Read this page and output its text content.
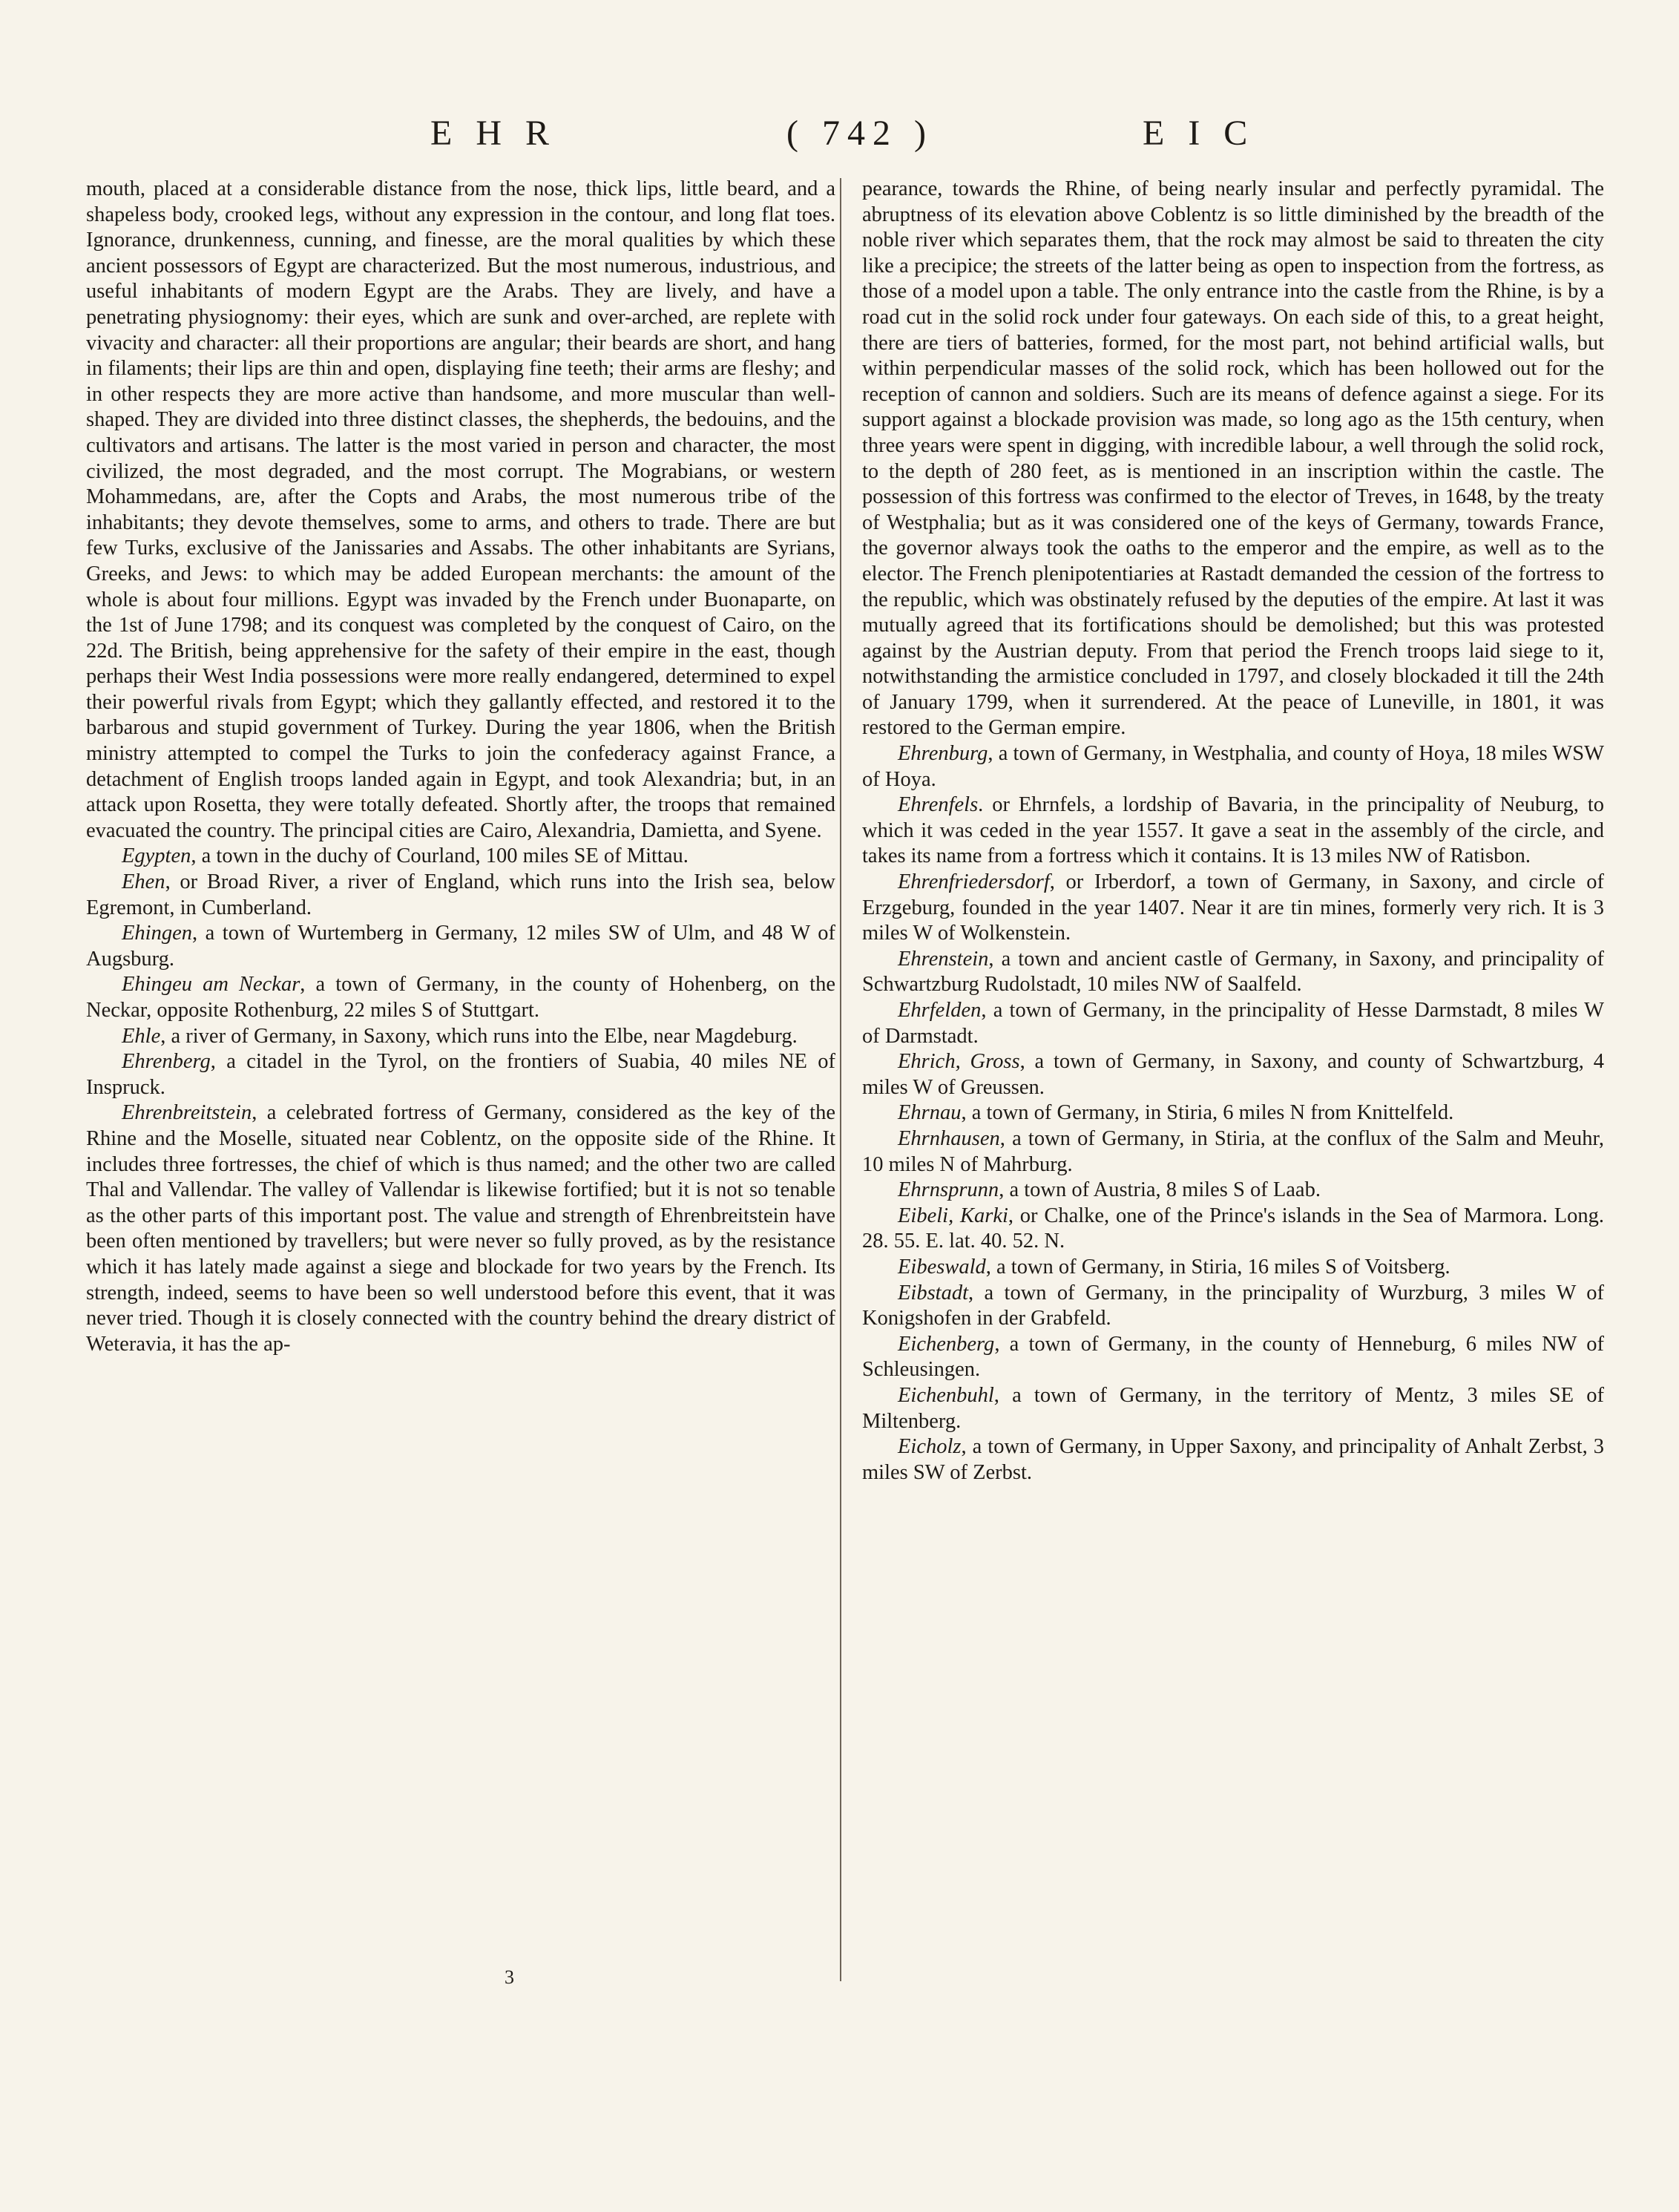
E H R	( 742 )	E I C

mouth, placed at a considerable distance from the nose, thick lips, little beard, and a shapeless body, crooked legs, without any expression in the contour, and long flat toes. Ignorance, drunkenness, cunning, and finesse, are the moral qualities by which these ancient possessors of Egypt are characterized. But the most numerous, industrious, and useful inhabitants of modern Egypt are the Arabs. They are lively, and have a penetrating physiognomy: their eyes, which are sunk and over-arched, are replete with vivacity and character: all their proportions are angular; their beards are short, and hang in filaments; their lips are thin and open, displaying fine teeth; their arms are fleshy; and in other respects they are more active than handsome, and more muscular than well-shaped. They are divided into three distinct classes, the shepherds, the bedouins, and the cultivators and artisans. The latter is the most varied in person and character, the most civilized, the most degraded, and the most corrupt. The Mograbians, or western Mohammedans, are, after the Copts and Arabs, the most numerous tribe of the inhabitants; they devote themselves, some to arms, and others to trade. There are but few Turks, exclusive of the Janissaries and Assabs. The other inhabitants are Syrians, Greeks, and Jews: to which may be added European merchants: the amount of the whole is about four millions. Egypt was invaded by the French under Buonaparte, on the 1st of June 1798; and its conquest was completed by the conquest of Cairo, on the 22d. The British, being apprehensive for the safety of their empire in the east, though perhaps their West India possessions were more really endangered, determined to expel their powerful rivals from Egypt; which they gallantly effected, and restored it to the barbarous and stupid government of Turkey. During the year 1806, when the British ministry attempted to compel the Turks to join the confederacy against France, a detachment of English troops landed again in Egypt, and took Alexandria; but, in an attack upon Rosetta, they were totally defeated. Shortly after, the troops that remained evacuated the country. The principal cities are Cairo, Alexandria, Damietta, and Syene.

Egypten, a town in the duchy of Courland, 100 miles SE of Mittau.

Ehen, or Broad River, a river of England, which runs into the Irish sea, below Egremont, in Cumberland.

Ehingen, a town of Wurtemberg in Germany, 12 miles SW of Ulm, and 48 W of Augsburg.

Ehingeu am Neckar, a town of Germany, in the county of Hohenberg, on the Neckar, opposite Rothenburg, 22 miles S of Stuttgart.

Ehle, a river of Germany, in Saxony, which runs into the Elbe, near Magdeburg.

Ehrenberg, a citadel in the Tyrol, on the frontiers of Suabia, 40 miles NE of Inspruck.

Ehrenbreitstein, a celebrated fortress of Germany, considered as the key of the Rhine and the Moselle, situated near Coblentz, on the opposite side of the Rhine. It includes three fortresses, the chief of which is thus named; and the other two are called Thal and Vallendar. The valley of Vallendar is likewise fortified; but it is not so tenable as the other parts of this important post. The value and strength of Ehrenbreitstein have been often mentioned by travellers; but were never so fully proved, as by the resistance which it has lately made against a siege and blockade for two years by the French. Its strength, indeed, seems to have been so well understood before this event, that it was never tried. Though it is closely connected with the country behind the dreary district of Weteravia, it has the ap-

pearance, towards the Rhine, of being nearly insular and perfectly pyramidal. The abruptness of its elevation above Coblentz is so little diminished by the breadth of the noble river which separates them, that the rock may almost be said to threaten the city like a precipice; the streets of the latter being as open to inspection from the fortress, as those of a model upon a table. The only entrance into the castle from the Rhine, is by a road cut in the solid rock under four gateways. On each side of this, to a great height, there are tiers of batteries, formed, for the most part, not behind artificial walls, but within perpendicular masses of the solid rock, which has been hollowed out for the reception of cannon and soldiers. Such are its means of defence against a siege. For its support against a blockade provision was made, so long ago as the 15th century, when three years were spent in digging, with incredible labour, a well through the solid rock, to the depth of 280 feet, as is mentioned in an inscription within the castle. The possession of this fortress was confirmed to the elector of Treves, in 1648, by the treaty of Westphalia; but as it was considered one of the keys of Germany, towards France, the governor always took the oaths to the emperor and the empire, as well as to the elector. The French plenipotentiaries at Rastadt demanded the cession of the fortress to the republic, which was obstinately refused by the deputies of the empire. At last it was mutually agreed that its fortifications should be demolished; but this was protested against by the Austrian deputy. From that period the French troops laid siege to it, notwithstanding the armistice concluded in 1797, and closely blockaded it till the 24th of January 1799, when it surrendered. At the peace of Luneville, in 1801, it was restored to the German empire.

Ehrenburg, a town of Germany, in Westphalia, and county of Hoya, 18 miles WSW of Hoya.

Ehrenfels. or Ehrnfels, a lordship of Bavaria, in the principality of Neuburg, to which it was ceded in the year 1557. It gave a seat in the assembly of the circle, and takes its name from a fortress which it contains. It is 13 miles NW of Ratisbon.

Ehrenfriedersdorf, or Irberdorf, a town of Germany, in Saxony, and circle of Erzgeburg, founded in the year 1407. Near it are tin mines, formerly very rich. It is 3 miles W of Wolkenstein.

Ehrenstein, a town and ancient castle of Germany, in Saxony, and principality of Schwartzburg Rudolstadt, 10 miles NW of Saalfeld.

Ehrfelden, a town of Germany, in the principality of Hesse Darmstadt, 8 miles W of Darmstadt.

Ehrich, Gross, a town of Germany, in Saxony, and county of Schwartzburg, 4 miles W of Greussen.

Ehrnau, a town of Germany, in Stiria, 6 miles N from Knittelfeld.

Ehrnhausen, a town of Germany, in Stiria, at the conflux of the Salm and Meuhr, 10 miles N of Mahrburg.

Ehrnsprunn, a town of Austria, 8 miles S of Laab.

Eibeli, Karki, or Chalke, one of the Prince's islands in the Sea of Marmora. Long. 28. 55. E. lat. 40. 52. N.

Eibeswald, a town of Germany, in Stiria, 16 miles S of Voitsberg.

Eibstadt, a town of Germany, in the principality of Wurzburg, 3 miles W of Konigshofen in der Grabfeld.

Eichenberg, a town of Germany, in the county of Henneburg, 6 miles NW of Schleusingen.

Eichenbuhl, a town of Germany, in the territory of Mentz, 3 miles SE of Miltenberg.

Eicholz, a town of Germany, in Upper Saxony, and principality of Anhalt Zerbst, 3 miles SW of Zerbst.

3
